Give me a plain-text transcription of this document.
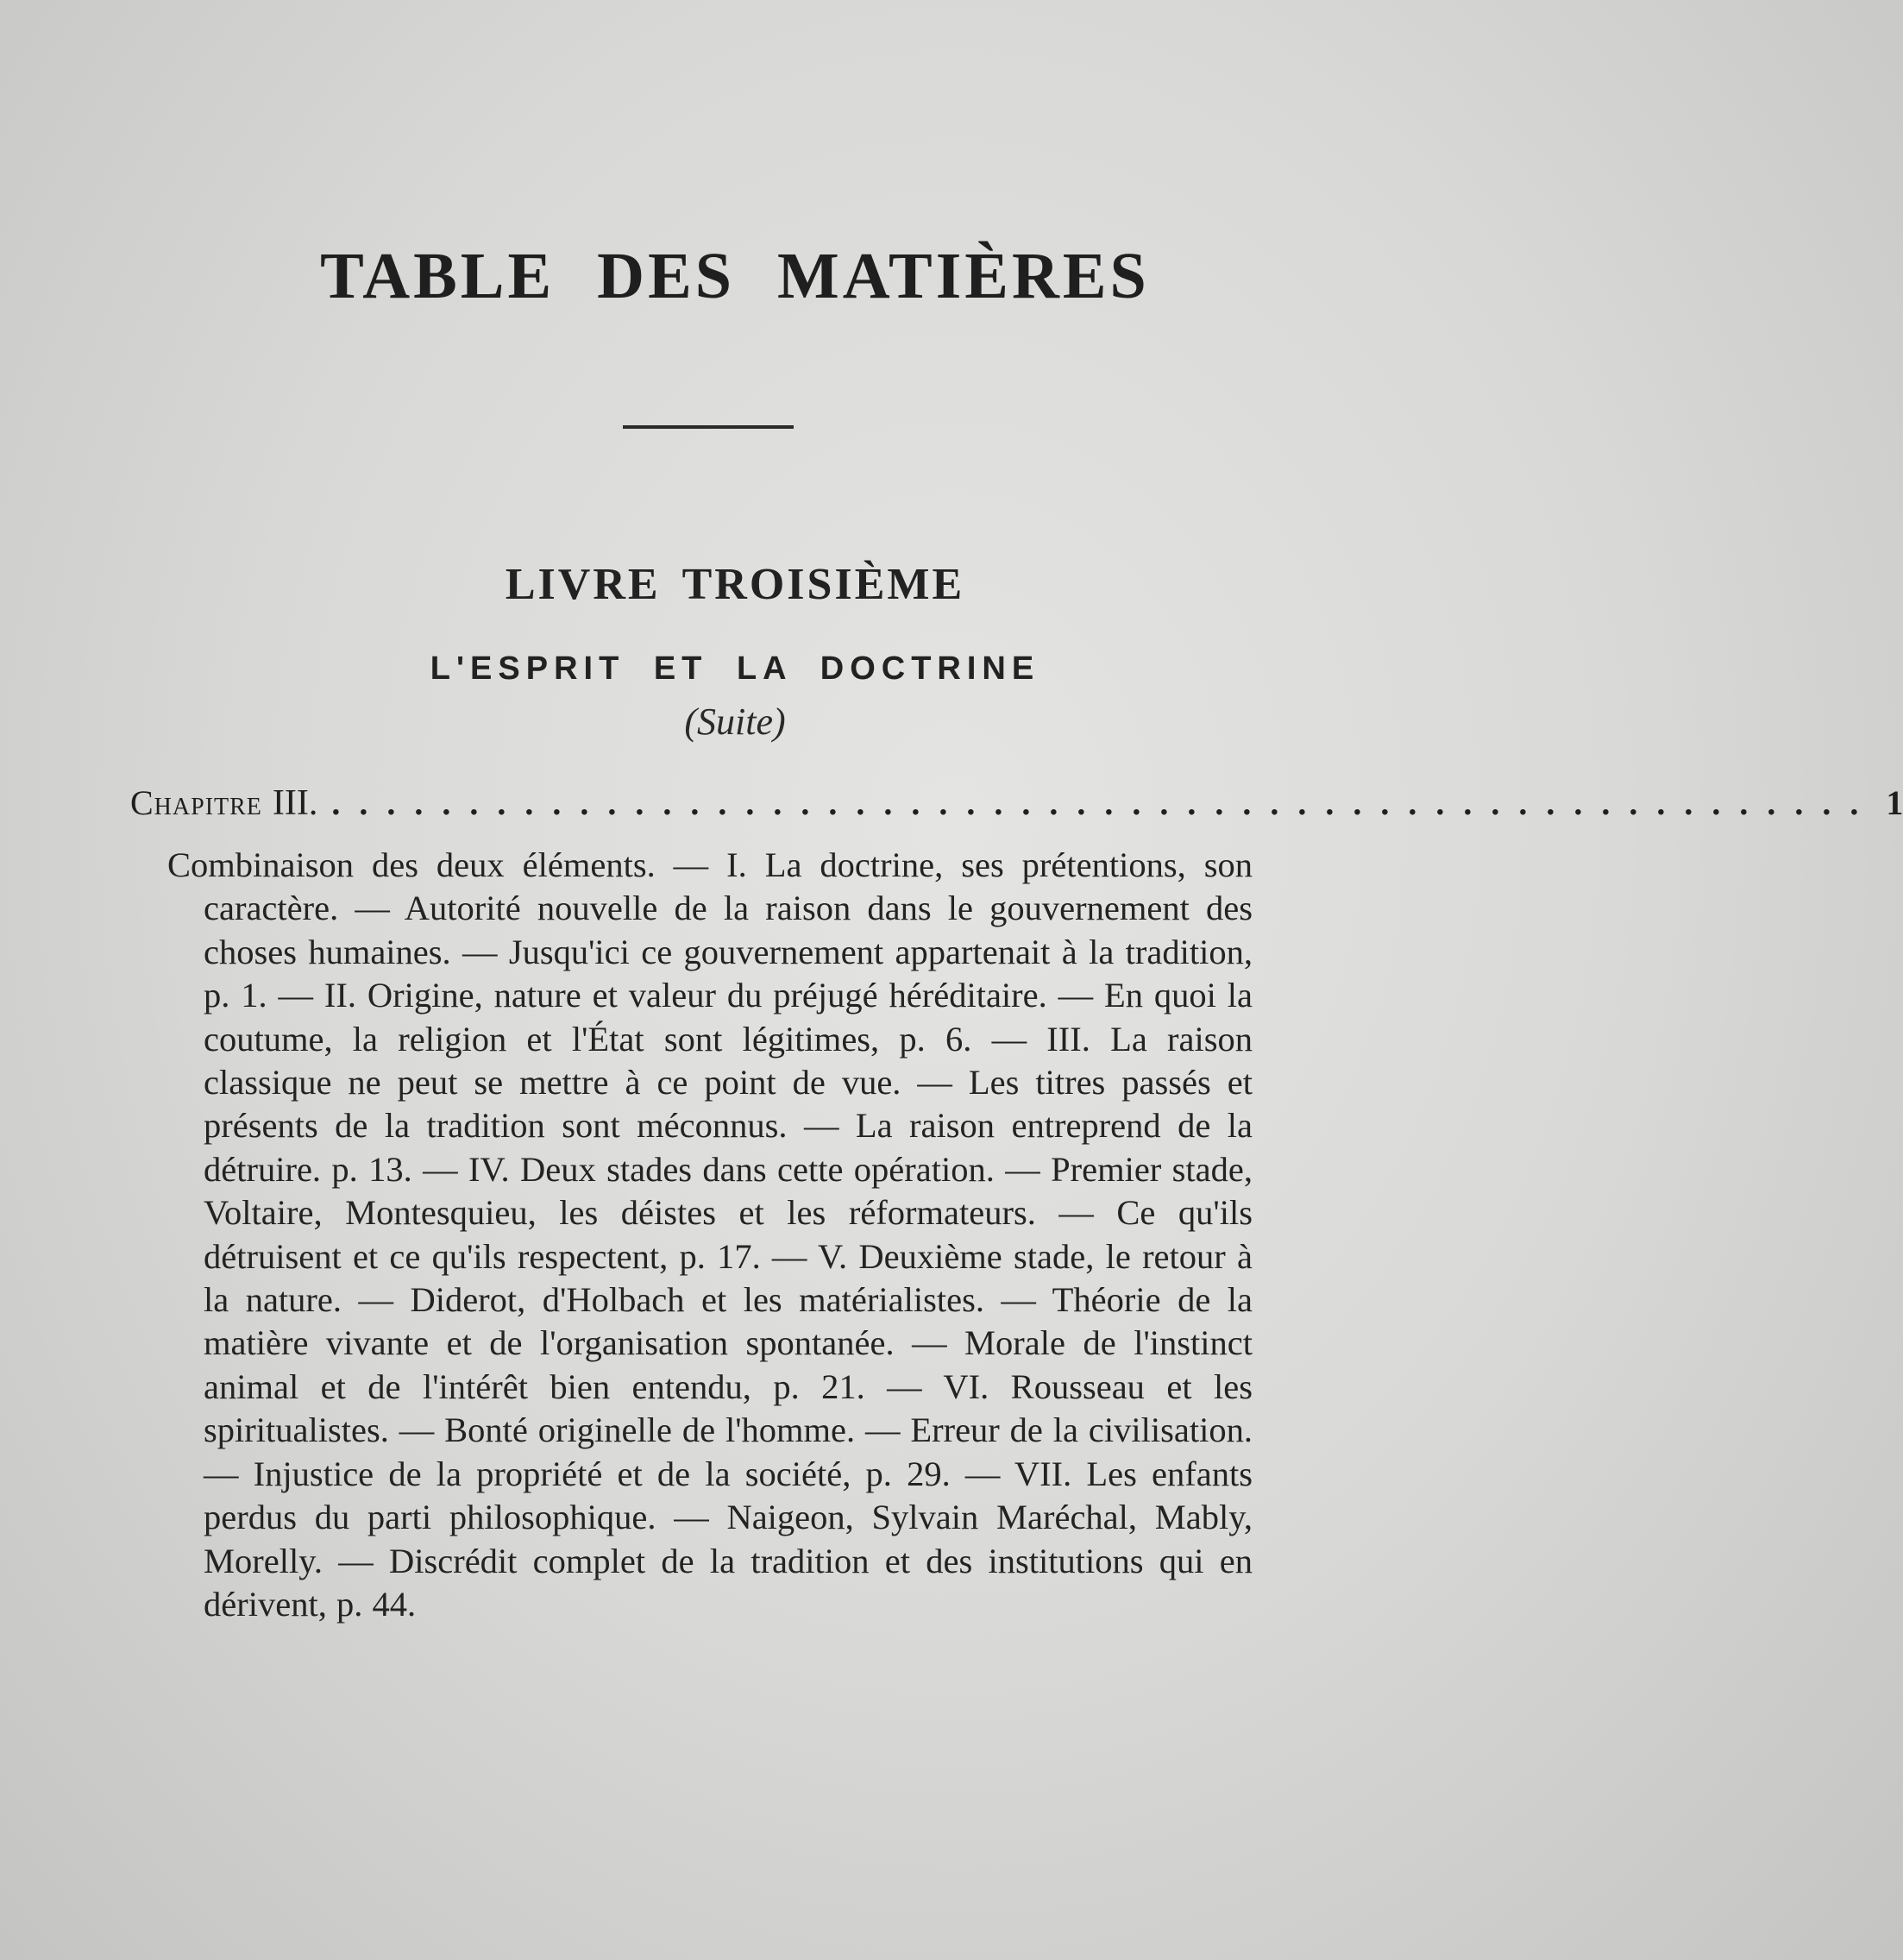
TABLE DES MATIÈRES
LIVRE TROISIÈME
L'ESPRIT ET LA DOCTRINE
(Suite)
Chapitre III. ........................................................ 1

Combinaison des deux éléments. — I. La doctrine, ses prétentions, son caractère. — Autorité nouvelle de la raison dans le gouvernement des choses humaines. — Jusqu'ici ce gouvernement appartenait à la tradition, p. 1. — II. Origine, nature et valeur du préjugé héréditaire. — En quoi la coutume, la religion et l'État sont légitimes, p. 6. — III. La raison classique ne peut se mettre à ce point de vue. — Les titres passés et présents de la tradition sont méconnus. — La raison entreprend de la détruire. p. 13. — IV. Deux stades dans cette opération. — Premier stade, Voltaire, Montesquieu, les déistes et les réformateurs. — Ce qu'ils détruisent et ce qu'ils respectent, p. 17. — V. Deuxième stade, le retour à la nature. — Diderot, d'Holbach et les matérialistes. — Théorie de la matière vivante et de l'organisation spontanée. — Morale de l'instinct animal et de l'intérêt bien entendu, p. 21. — VI. Rousseau et les spiritualistes. — Bonté originelle de l'homme. — Erreur de la civilisation. — Injustice de la propriété et de la société, p. 29. — VII. Les enfants perdus du parti philosophique. — Naigeon, Sylvain Maréchal, Mably, Morelly. — Discrédit complet de la tradition et des institutions qui en dérivent, p. 44.
